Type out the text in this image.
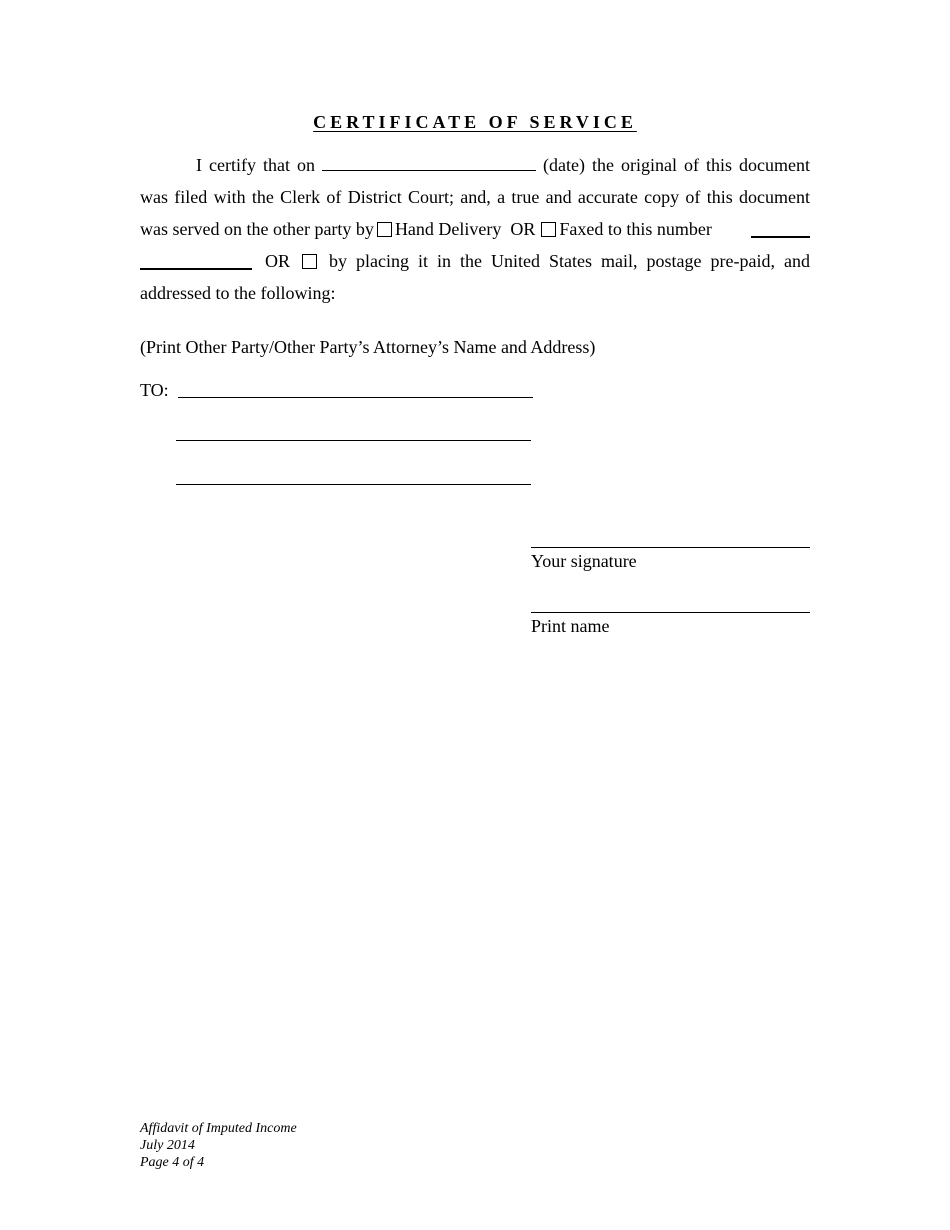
CERTIFICATE OF SERVICE
I certify that on	(date) the original of this document
was filed with the Clerk of District Court; and, a true and accurate copy of this document
was served on the other party by Hand Delivery OR Faxed to this number
OR by placing it in the United States mail, postage pre-paid, and
addressed to the following:
(Print Other Party/Other Party’s Attorney’s Name and Address)
TO:
Your signature
Print name
Affidavit of Imputed Income
July 2014
Page 4 of 4
